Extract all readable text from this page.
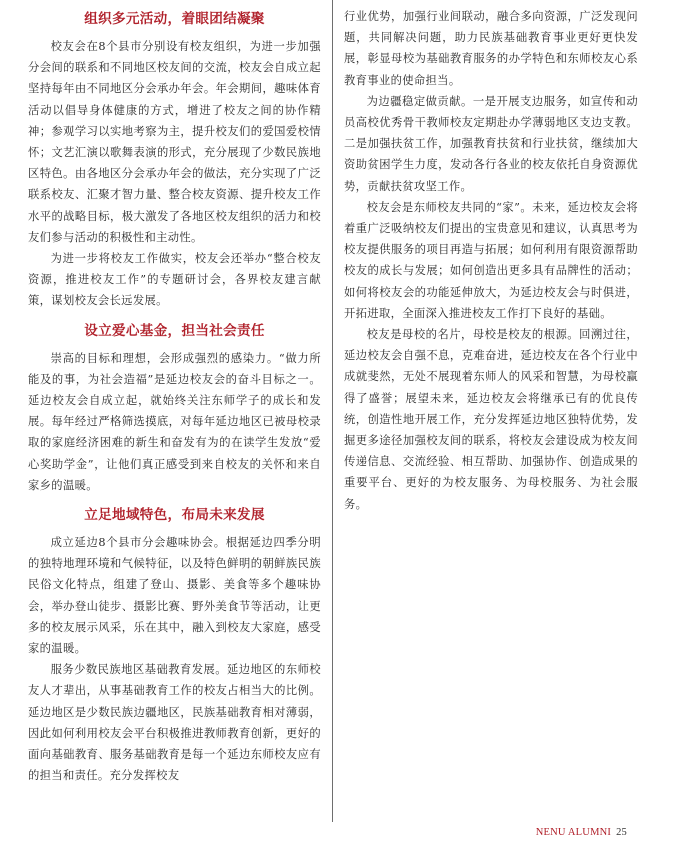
组织多元活动，着眼团结凝聚

校友会在8个县市分别设有校友组织，为进一步加强分会间的联系和不同地区校友间的交流，校友会自成立起坚持每年由不同地区分会承办年会。年会期间，趣味体育活动以倡导身体健康的方式，增进了校友之间的协作精神；参观学习以实地考察为主，提升校友们的爱国爱校情怀；文艺汇演以歌舞表演的形式，充分展现了少数民族地区特色。由各地区分会承办年会的做法，充分实现了广泛联系校友、汇聚才智力量、整合校友资源、提升校友工作水平的战略目标，极大激发了各地区校友组织的活力和校友们参与活动的积极性和主动性。

为进一步将校友工作做实，校友会还举办“整合校友资源，推进校友工作”的专题研讨会，各界校友建言献策，谋划校友会长远发展。

设立爱心基金，担当社会责任

崇高的目标和理想，会形成强烈的感染力。“做力所能及的事，为社会造福”是延边校友会的奋斗目标之一。延边校友会自成立起，就始终关注东师学子的成长和发展。每年经过严格筛选摸底，对每年延边地区已被母校录取的家庭经济困难的新生和奋发有为的在读学生发放“爱心奖助学金”，让他们真正感受到来自校友的关怀和来自家乡的温暖。

立足地域特色，布局未来发展

成立延边8个县市分会趣味协会。根据延边四季分明的独特地理环境和气候特征，以及特色鲜明的朝鲜族民族民俗文化特点，组建了登山、摄影、美食等多个趣味协会，举办登山徒步、摄影比赛、野外美食节等活动，让更多的校友展示风采，乐在其中，融入到校友大家庭，感受家的温暖。

服务少数民族地区基础教育发展。延边地区的东师校友人才辈出，从事基础教育工作的校友占相当大的比例。延边地区是少数民族边疆地区，民族基础教育相对薄弱，因此如何利用校友会平台积极推进教师教育创新，更好的面向基础教育、服务基础教育是每一个延边东师校友应有的担当和责任。充分发挥校友

行业优势，加强行业间联动，融合多向资源，广泛发现问题，共同解决问题，助力民族基础教育事业更好更快发展，彰显母校为基础教育服务的办学特色和东师校友心系教育事业的使命担当。

为边疆稳定做贡献。一是开展支边服务，如宣传和动员高校优秀骨干教师校友定期赴办学薄弱地区支边支教。二是加强扶贫工作，加强教育扶贫和行业扶贫，继续加大资助贫困学生力度，发动各行各业的校友依托自身资源优势，贡献扶贫攻坚工作。

校友会是东师校友共同的“家”。未来，延边校友会将着重广泛吸纳校友们提出的宝贵意见和建议，认真思考为校友提供服务的项目再造与拓展；如何利用有限资源帮助校友的成长与发展；如何创造出更多具有品牌性的活动；如何将校友会的功能延伸放大，为延边校友会与时俱进，开拓进取，全面深入推进校友工作打下良好的基础。

校友是母校的名片，母校是校友的根源。回溯过往，延边校友会自强不息，克难奋进，延边校友在各个行业中成就斐然，无处不展现着东师人的风采和智慧，为母校赢得了盛誉；展望未来，延边校友会将继承已有的优良传统，创造性地开展工作，充分发挥延边地区独特优势，发掘更多途径加强校友间的联系，将校友会建设成为校友间传递信息、交流经验、相互帮助、加强协作、创造成果的重要平台、更好的为校友服务、为母校服务、为社会服务。

NENU ALUMNI 25
